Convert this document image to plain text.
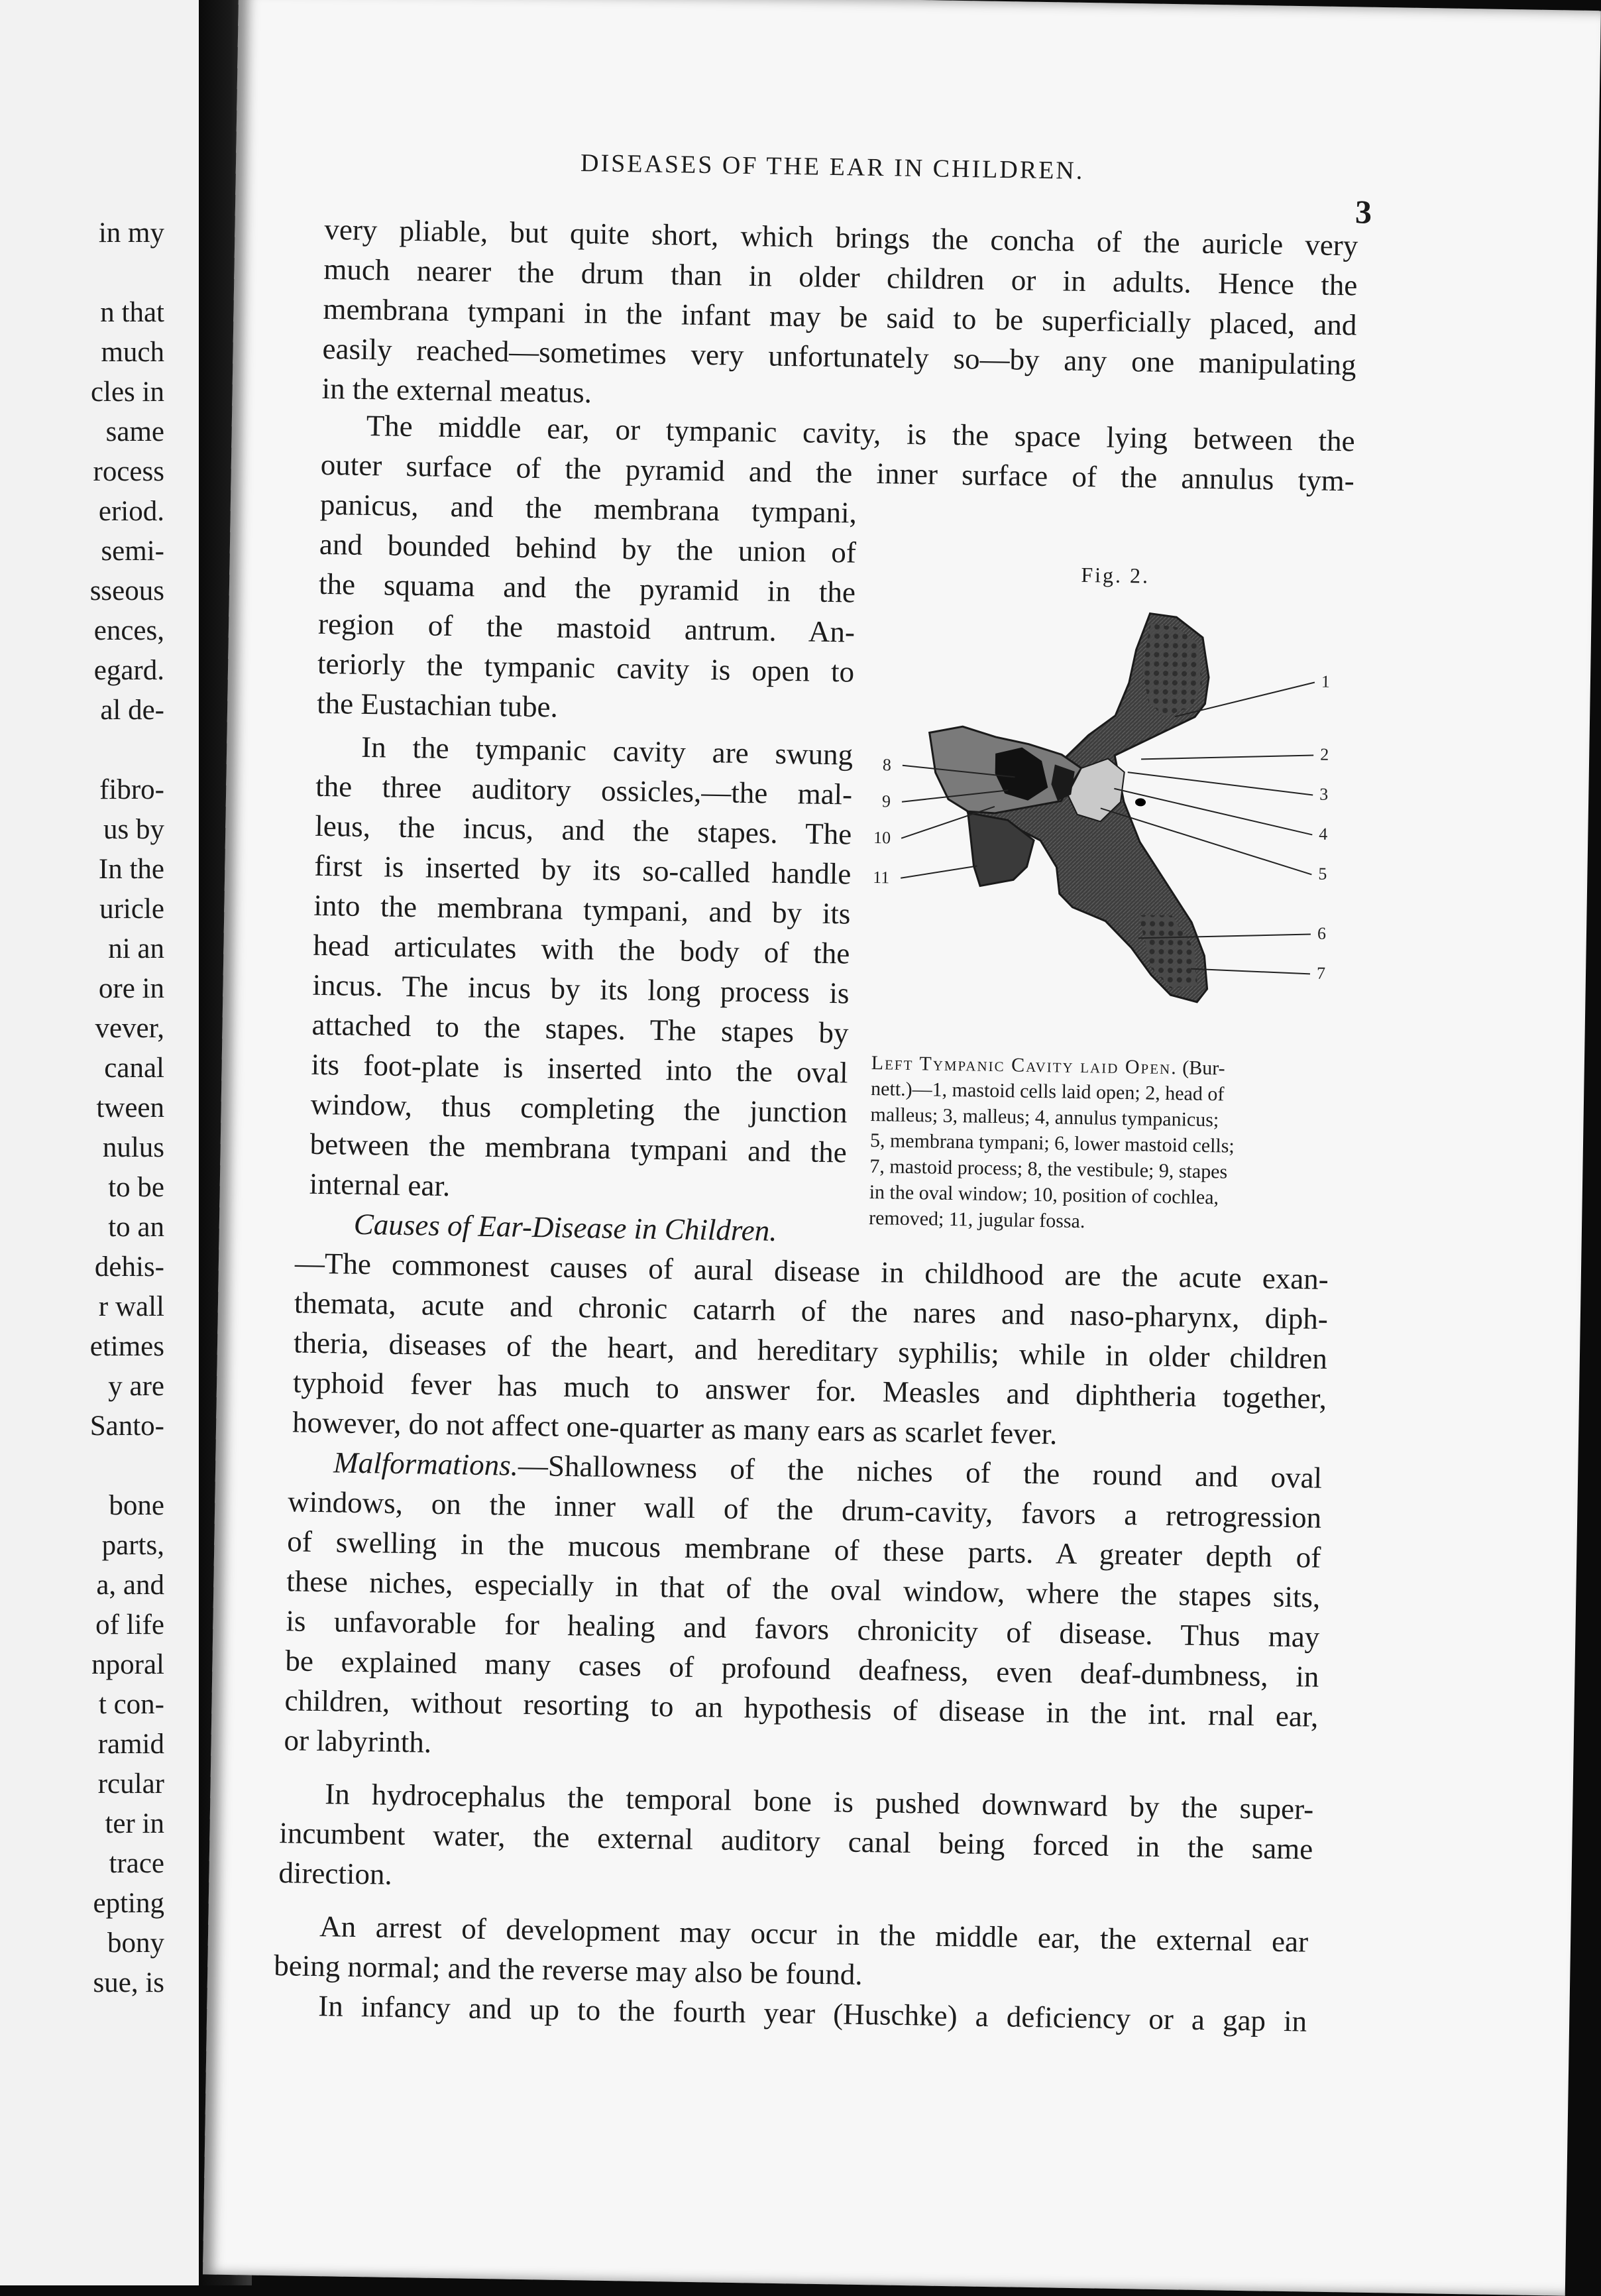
in my
n that
much
cles in
same
rocess
eriod.
semi-
sseous
ences,
egard.
al de-
fibro-
us by
In the
uricle
ni an
ore in
vever,
canal
tween
nulus
to be
to an
dehis-
r wall
etimes
y are
Santo-
bone
parts,
a, and
of life
nporal
t con-
ramid
rcular
ter in
trace
epting
bony
sue, is
DISEASES OF THE EAR IN CHILDREN.
3
very pliable, but quite short, which brings the concha of the auricle very
much nearer the drum than in older children or in adults. Hence the
membrana tympani in the infant may be said to be superficially placed, and
easily reached—sometimes very unfortunately so—by any one manipulating
in the external meatus.
The middle ear, or tympanic cavity, is the space lying between the
outer surface of the pyramid and the inner surface of the annulus tym-
panicus, and the membrana tympani,
and bounded behind by the union of
the squama and the pyramid in the
region of the mastoid antrum. An-
teriorly the tympanic cavity is open to
the Eustachian tube.
In the tympanic cavity are swung
the three auditory ossicles,—the mal-
leus, the incus, and the stapes. The
first is inserted by its so-called handle
into the membrana tympani, and by its
head articulates with the body of the
incus. The incus by its long process is
attached to the stapes. The stapes by
its foot-plate is inserted into the oval
window, thus completing the junction
between the membrana tympani and the
internal ear.
Causes of Ear-Disease in Children.
—The commonest causes of aural disease in childhood are the acute exan-
themata, acute and chronic catarrh of the nares and naso-pharynx, diph-
theria, diseases of the heart, and hereditary syphilis; while in older children
typhoid fever has much to answer for. Measles and diphtheria together,
however, do not affect one-quarter as many ears as scarlet fever.
Malformations.—Shallowness of the niches of the round and oval
windows, on the inner wall of the drum-cavity, favors a retrogression
of swelling in the mucous membrane of these parts. A greater depth of
these niches, especially in that of the oval window, where the stapes sits,
is unfavorable for healing and favors chronicity of disease. Thus may
be explained many cases of profound deafness, even deaf-dumbness, in
children, without resorting to an hypothesis of disease in the int. rnal ear,
or labyrinth.
In hydrocephalus the temporal bone is pushed downward by the super-
incumbent water, the external auditory canal being forced in the same
direction.
An arrest of development may occur in the middle ear, the external ear
being normal; and the reverse may also be found.
In infancy and up to the fourth year (Huschke) a deficiency or a gap in
Fig. 2.
1
2
3
4
5
6
7
8
9
10
11
Left Tympanic Cavity laid Open. (Bur-
nett.)—1, mastoid cells laid open; 2, head of
malleus; 3, malleus; 4, annulus tympanicus;
5, membrana tympani; 6, lower mastoid cells;
7, mastoid process; 8, the vestibule; 9, stapes
in the oval window; 10, position of cochlea,
removed; 11, jugular fossa.
